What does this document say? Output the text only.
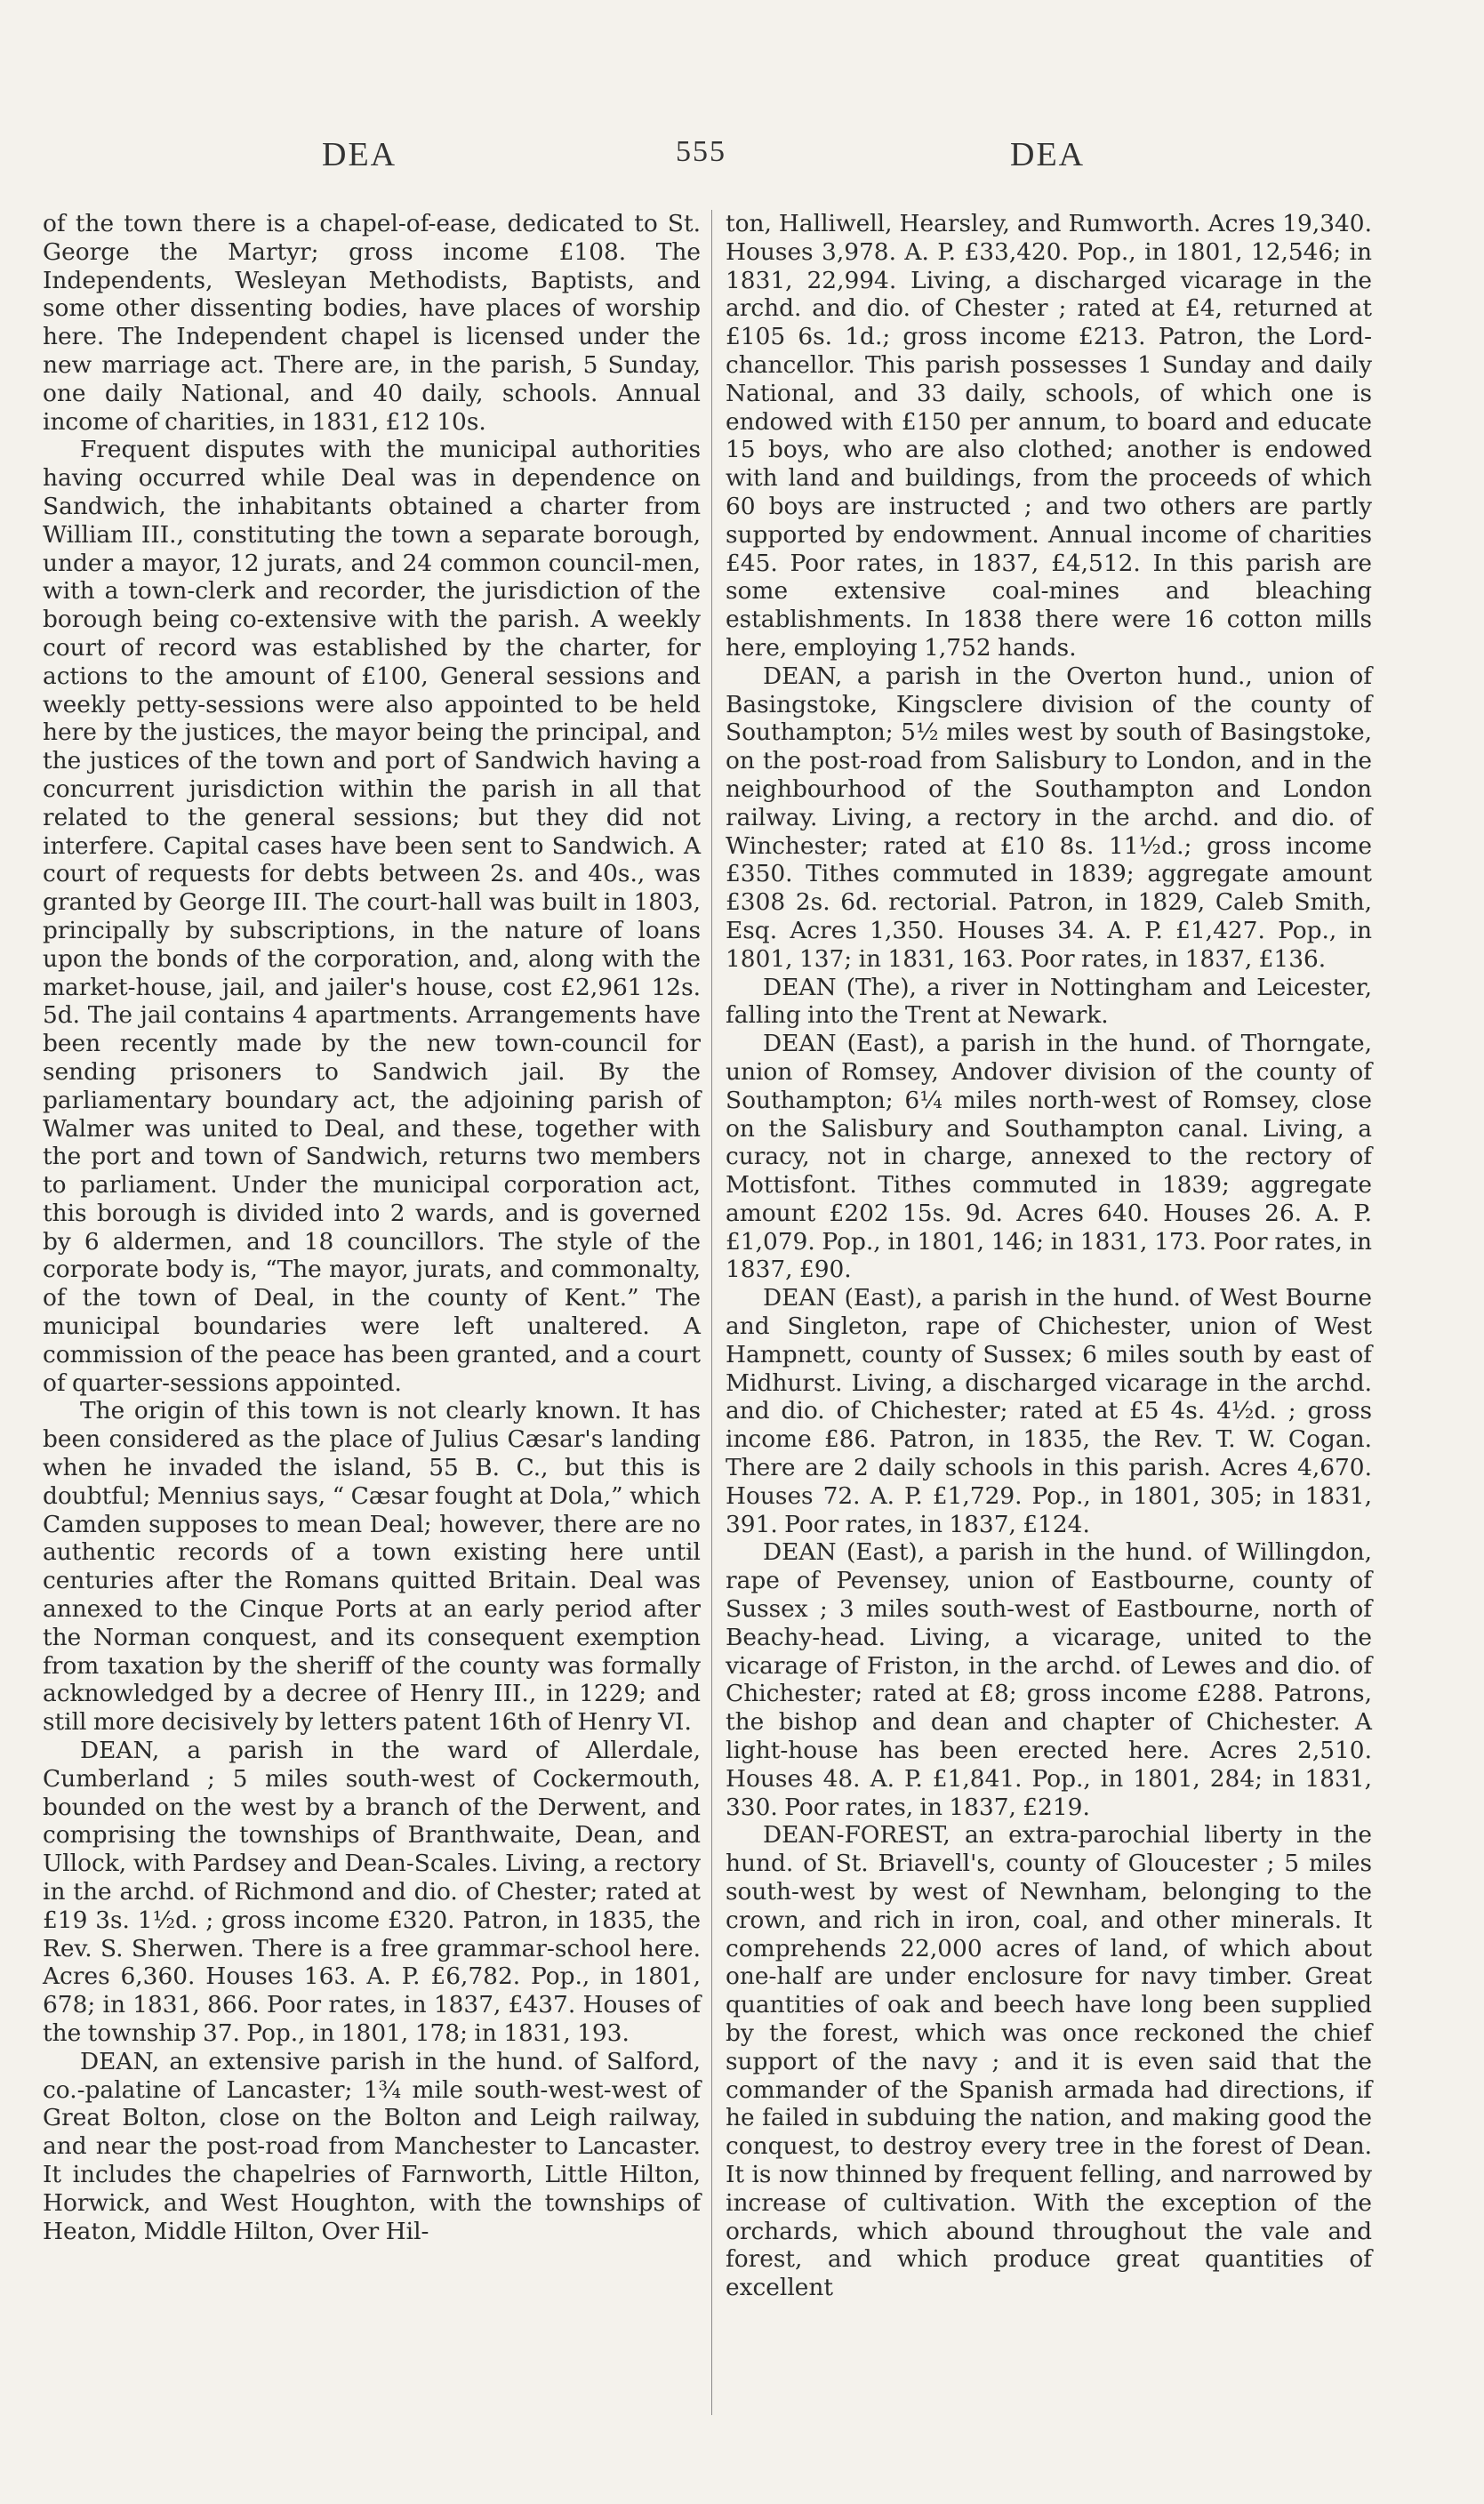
DEA	555	DEA

of the town there is a chapel-of-ease, dedicated to St. George the Martyr; gross income £108. The Independents, Wesleyan Methodists, Baptists, and some other dissenting bodies, have places of worship here. The Independent chapel is licensed under the new marriage act. There are, in the parish, 5 Sunday, one daily National, and 40 daily, schools. Annual income of charities, in 1831, £12 10s.

Frequent disputes with the municipal authorities having occurred while Deal was in dependence on Sandwich, the inhabitants obtained a charter from William III., constituting the town a separate borough, under a mayor, 12 jurats, and 24 common council-men, with a town-clerk and recorder, the jurisdiction of the borough being co-extensive with the parish. A weekly court of record was established by the charter, for actions to the amount of £100, General sessions and weekly petty-sessions were also appointed to be held here by the justices, the mayor being the principal, and the justices of the town and port of Sandwich having a concurrent jurisdiction within the parish in all that related to the general sessions; but they did not interfere. Capital cases have been sent to Sandwich. A court of requests for debts between 2s. and 40s., was granted by George III. The court-hall was built in 1803, principally by subscriptions, in the nature of loans upon the bonds of the corporation, and, along with the market-house, jail, and jailer's house, cost £2,961 12s. 5d. The jail contains 4 apartments. Arrangements have been recently made by the new town-council for sending prisoners to Sandwich jail. By the parliamentary boundary act, the adjoining parish of Walmer was united to Deal, and these, together with the port and town of Sandwich, returns two members to parliament. Under the municipal corporation act, this borough is divided into 2 wards, and is governed by 6 aldermen, and 18 councillors. The style of the corporate body is, “The mayor, jurats, and commonalty, of the town of Deal, in the county of Kent.” The municipal boundaries were left unaltered. A commission of the peace has been granted, and a court of quarter-sessions appointed.

The origin of this town is not clearly known. It has been considered as the place of Julius Cæsar's landing when he invaded the island, 55 B. C., but this is doubtful; Mennius says, “ Cæsar fought at Dola,” which Camden supposes to mean Deal; however, there are no authentic records of a town existing here until centuries after the Romans quitted Britain. Deal was annexed to the Cinque Ports at an early period after the Norman conquest, and its consequent exemption from taxation by the sheriff of the county was formally acknowledged by a decree of Henry III., in 1229; and still more decisively by letters patent 16th of Henry VI.

DEAN, a parish in the ward of Allerdale, Cumberland ; 5 miles south-west of Cockermouth, bounded on the west by a branch of the Derwent, and comprising the townships of Branthwaite, Dean, and Ullock, with Pardsey and Dean-Scales. Living, a rectory in the archd. of Richmond and dio. of Chester; rated at £19 3s. 1½d. ; gross income £320. Patron, in 1835, the Rev. S. Sherwen. There is a free grammar-school here. Acres 6,360. Houses 163. A. P. £6,782. Pop., in 1801, 678; in 1831, 866. Poor rates, in 1837, £437. Houses of the township 37. Pop., in 1801, 178; in 1831, 193.

DEAN, an extensive parish in the hund. of Salford, co.-palatine of Lancaster; 1¾ mile south-west-west of Great Bolton, close on the Bolton and Leigh railway, and near the post-road from Manchester to Lancaster. It includes the chapelries of Farnworth, Little Hilton, Horwick, and West Houghton, with the townships of Heaton, Middle Hilton, Over Hil-

ton, Halliwell, Hearsley, and Rumworth. Acres 19,340. Houses 3,978. A. P. £33,420. Pop., in 1801, 12,546; in 1831, 22,994. Living, a discharged vicarage in the archd. and dio. of Chester ; rated at £4, returned at £105 6s. 1d.; gross income £213. Patron, the Lord-chancellor. This parish possesses 1 Sunday and daily National, and 33 daily, schools, of which one is endowed with £150 per annum, to board and educate 15 boys, who are also clothed; another is endowed with land and buildings, from the proceeds of which 60 boys are instructed ; and two others are partly supported by endowment. Annual income of charities £45. Poor rates, in 1837, £4,512. In this parish are some extensive coal-mines and bleaching establishments. In 1838 there were 16 cotton mills here, employing 1,752 hands.

DEAN, a parish in the Overton hund., union of Basingstoke, Kingsclere division of the county of Southampton; 5½ miles west by south of Basingstoke, on the post-road from Salisbury to London, and in the neighbourhood of the Southampton and London railway. Living, a rectory in the archd. and dio. of Winchester; rated at £10 8s. 11½d.; gross income £350. Tithes commuted in 1839; aggregate amount £308 2s. 6d. rectorial. Patron, in 1829, Caleb Smith, Esq. Acres 1,350. Houses 34. A. P. £1,427. Pop., in 1801, 137; in 1831, 163. Poor rates, in 1837, £136.

DEAN (The), a river in Nottingham and Leicester, falling into the Trent at Newark.

DEAN (East), a parish in the hund. of Thorngate, union of Romsey, Andover division of the county of Southampton; 6¼ miles north-west of Romsey, close on the Salisbury and Southampton canal. Living, a curacy, not in charge, annexed to the rectory of Mottisfont. Tithes commuted in 1839; aggregate amount £202 15s. 9d. Acres 640. Houses 26. A. P. £1,079. Pop., in 1801, 146; in 1831, 173. Poor rates, in 1837, £90.

DEAN (East), a parish in the hund. of West Bourne and Singleton, rape of Chichester, union of West Hampnett, county of Sussex; 6 miles south by east of Midhurst. Living, a discharged vicarage in the archd. and dio. of Chichester; rated at £5 4s. 4½d. ; gross income £86. Patron, in 1835, the Rev. T. W. Cogan. There are 2 daily schools in this parish. Acres 4,670. Houses 72. A. P. £1,729. Pop., in 1801, 305; in 1831, 391. Poor rates, in 1837, £124.

DEAN (East), a parish in the hund. of Willingdon, rape of Pevensey, union of Eastbourne, county of Sussex ; 3 miles south-west of Eastbourne, north of Beachy-head. Living, a vicarage, united to the vicarage of Friston, in the archd. of Lewes and dio. of Chichester; rated at £8; gross income £288. Patrons, the bishop and dean and chapter of Chichester. A light-house has been erected here. Acres 2,510. Houses 48. A. P. £1,841. Pop., in 1801, 284; in 1831, 330. Poor rates, in 1837, £219.

DEAN-FOREST, an extra-parochial liberty in the hund. of St. Briavell's, county of Gloucester ; 5 miles south-west by west of Newnham, belonging to the crown, and rich in iron, coal, and other minerals. It comprehends 22,000 acres of land, of which about one-half are under enclosure for navy timber. Great quantities of oak and beech have long been supplied by the forest, which was once reckoned the chief support of the navy ; and it is even said that the commander of the Spanish armada had directions, if he failed in subduing the nation, and making good the conquest, to destroy every tree in the forest of Dean. It is now thinned by frequent felling, and narrowed by increase of cultivation. With the exception of the orchards, which abound throughout the vale and forest, and which produce great quantities of excellent
